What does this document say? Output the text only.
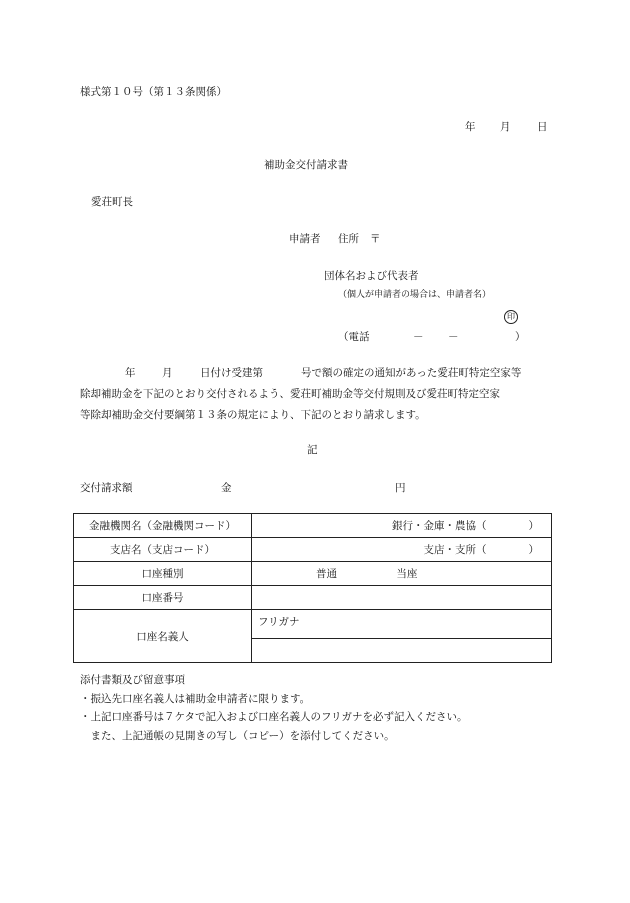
様式第１０号（第１３条関係）
年 月	日
補助金交付請求書
愛荘町長
申請者 住所 〒
団体名および代表者
（個人が申請者の場合は、申請者名）
印
（電話	－ －	）
年	月	日付け受建第	号で額の確定の通知があった愛荘町特定空家等
除却補助金を下記のとおり交付されるよう、愛荘町補助金等交付規則及び愛荘町特定空家
等除却補助金交付要綱第１３条の規定により、下記のとおり請求します。
記
交付請求額	金	円
金融機関名（金融機関コード）	銀行・金庫・農協（　　　　）
支店名（支店コード）	支店・支所（　　　　）
口座種別	普通 当座
口座番号	
口座名義人	フリガナ

添付書類及び留意事項
・振込先口座名義人は補助金申請者に限ります。
・上記口座番号は７ケタで記入および口座名義人のフリガナを必ず記入ください。
　また、上記通帳の見開きの写し（コピー）を添付してください。
